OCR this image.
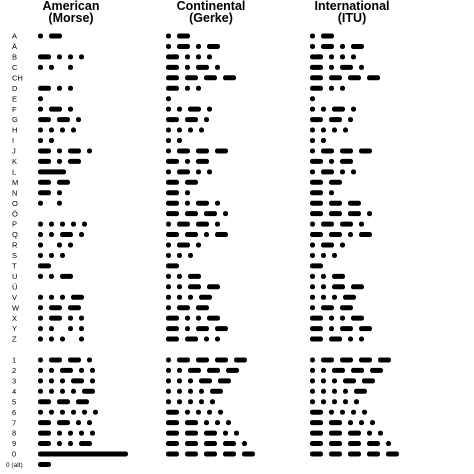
American
(Morse)
Continental
(Gerke)
International
(ITU)
A
Ä
B
C
CH
D
E
F
G
H
I
J
K
L
M
N
O
Ö
P
Q
R
S
T
U
Ü
V
W
X
Y
Z
1
2
3
4
5
6
7
8
9
0
0 (alt)
